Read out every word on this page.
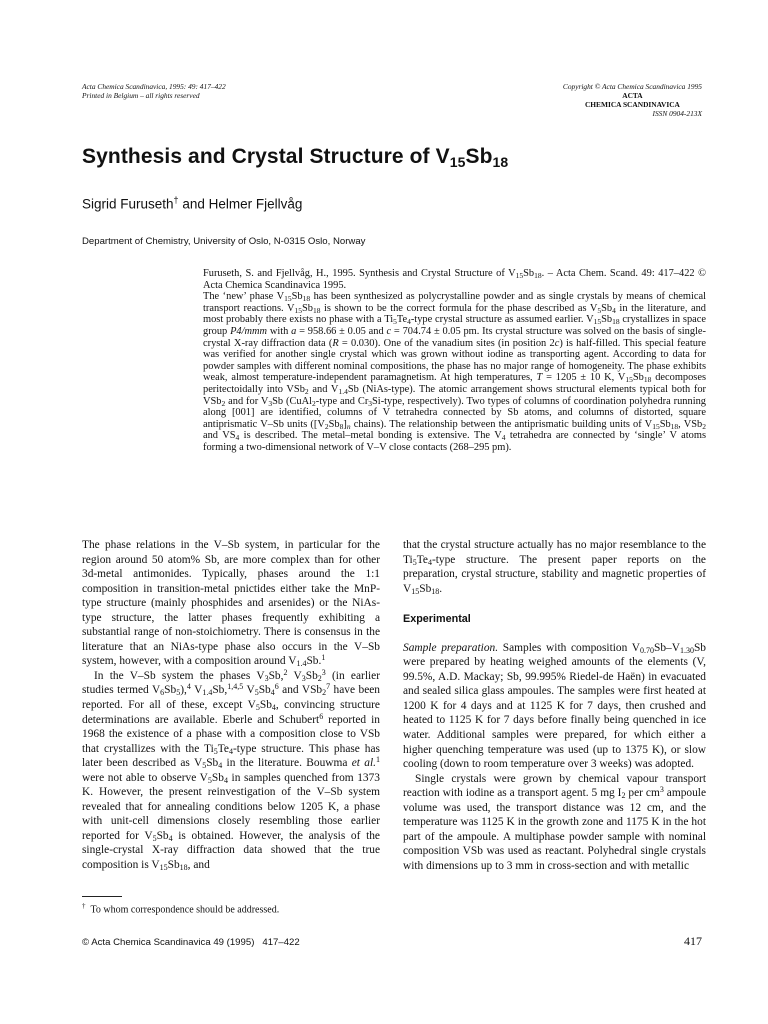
Acta Chemica Scandinavica, 1995: 49: 417–422
Printed in Belgium – all rights reserved
Copyright © Acta Chemica Scandinavica 1995
ACTA
CHEMICA SCANDINAVICA
ISSN 0904-213X
Synthesis and Crystal Structure of $V_{15}Sb_{18}$
Sigrid Furuseth† and Helmer Fjellvåg
Department of Chemistry, University of Oslo, N-0315 Oslo, Norway

Furuseth, S. and Fjellvåg, H., 1995. Synthesis and Crystal Structure of $V_{15}Sb_{18}$. – Acta Chem. Scand. 49: 417–422 © Acta Chemica Scandinavica 1995.

The ‘new’ phase $V_{15}Sb_{18}$ has been synthesized as polycrystalline powder and as single crystals by means of chemical transport reactions. $V_{15}Sb_{18}$ is shown to be the correct formula for the phase described as $V_5Sb_4$ in the literature, and most probably there exists no phase with a $Ti_5Te_4$-type crystal structure as assumed earlier. $V_{15}Sb_{18}$ crystallizes in space group P4/mmm with a = 958.66 ± 0.05 and c = 704.74 ± 0.05 pm. Its crystal structure was solved on the basis of single-crystal X-ray diffraction data (R = 0.030). One of the vanadium sites (in position 2c) is half-filled. This special feature was verified for another single crystal which was grown without iodine as transporting agent. According to data for powder samples with different nominal compositions, the phase has no major range of homogeneity. The phase exhibits weak, almost temperature-independent paramagnetism. At high temperatures, T = 1205 ± 10 K, $V_{15}Sb_{18}$ decomposes peritectoidally into VSb$_2$ and $V_{1.4}Sb$ (NiAs-type). The atomic arrangement shows structural elements typical both for VSb$_2$ and for $V_3Sb$ (CuAl$_2$-type and $Cr_3Si$-type, respectively). Two types of columns of coordination polyhedra running along [001] are identified, columns of V tetrahedra connected by Sb atoms, and columns of distorted, square antiprismatic V–Sb units ($[V_2Sb_8]_n$ chains). The relationship between the antiprismatic building units of $V_{15}Sb_{18}$, VSb$_2$ and $VS_4$ is described. The metal–metal bonding is extensive. The $V_4$ tetrahedra are connected by ‘single’ V atoms forming a two-dimensional network of V–V close contacts (268–295 pm).

The phase relations in the V–Sb system, in particular for the region around 50 atom% Sb, are more complex than for other 3d-metal antimonides. Typically, phases around the 1:1 composition in transition-metal pnictides either take the MnP-type structure (mainly phosphides and arsenides) or the NiAs-type structure, the latter phases frequently exhibiting a substantial range of non-stoichiometry. There is consensus in the literature that an NiAs-type phase also occurs in the V–Sb system, however, with a composition around $V_{1.4}Sb.^1$

In the V–Sb system the phases $V_3Sb,^2$ $V_3Sb_2^3$ (in earlier studies termed $V_6Sb_5),^4$ $V_{1.4}Sb,^{1,4,5}$ $V_5Sb_4^6$ and VSb$_2^7$ have been reported. For all of these, except $V_5Sb_4$, convincing structure determinations are available. Eberle and Schubert$^6$ reported in 1968 the existence of a phase with a composition close to VSb that crystallizes with the $Ti_5Te_4$-type structure. This phase has later been described as $V_5Sb_4$ in the literature. Bouwma et al.$^1$ were not able to observe $V_5Sb_4$ in samples quenched from 1373 K. However, the present reinvestigation of the V–Sb system revealed that for annealing conditions below 1205 K, a phase with unit-cell dimensions closely resembling those earlier reported for $V_5Sb_4$ is obtained. However, the analysis of the single-crystal X-ray diffraction data showed that the true composition is $V_{15}Sb_{18}$, and

that the crystal structure actually has no major resemblance to the $Ti_5Te_4$-type structure. The present paper reports on the preparation, crystal structure, stability and magnetic properties of $V_{15}Sb_{18}$.

Experimental

Sample preparation. Samples with composition $V_{0.70}Sb-V_{1.30}Sb$ were prepared by heating weighed amounts of the elements (V, 99.5%, A.D. Mackay; Sb, 99.995% Riedel-de Haën) in evacuated and sealed silica glass ampoules. The samples were first heated at 1200 K for 4 days and at 1125 K for 7 days, then crushed and heated to 1125 K for 7 days before finally being quenched in ice water. Additional samples were prepared, for which either a higher quenching temperature was used (up to 1375 K), or slow cooling (down to room temperature over 3 weeks) was adopted.

Single crystals were grown by chemical vapour transport reaction with iodine as a transport agent. 5 mg $I_2$ per $cm^3$ ampoule volume was used, the transport distance was 12 cm, and the temperature was 1125 K in the growth zone and 1175 K in the hot part of the ampoule. A multiphase powder sample with nominal composition VSb was used as reactant. Polyhedral single crystals with dimensions up to 3 mm in cross-section and with metallic

† To whom correspondence should be addressed.
© Acta Chemica Scandinavica 49 (1995)   417–422	417
